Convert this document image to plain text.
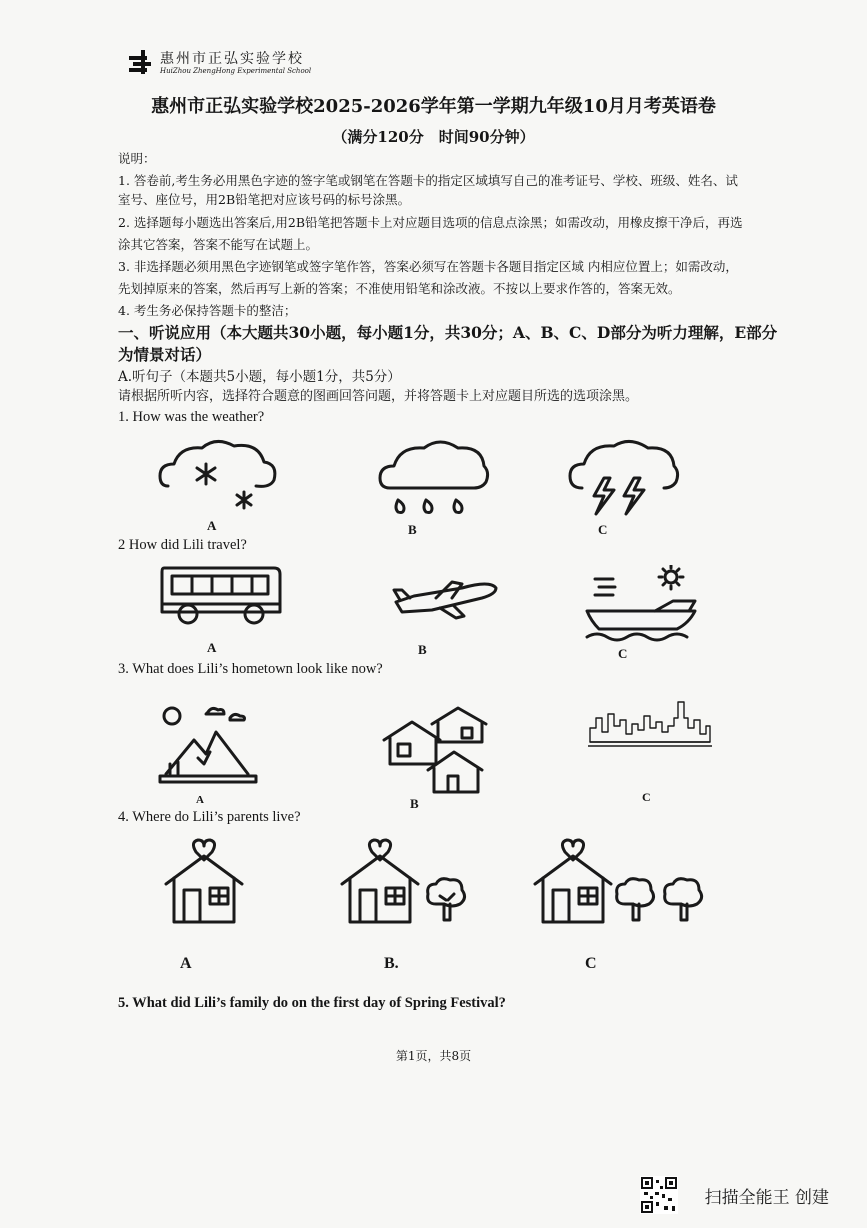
惠州市正弘实验学校
HuiZhou ZhengHong Experimental School
惠州市正弘实验学校2025-2026学年第一学期九年级10月月考英语卷
（满分120分　时间90分钟）
说明：
1. 答卷前,考生务必用黑色字迹的签字笔或钢笔在答题卡的指定区域填写自己的准考证号、学校、班级、姓名、试
室号、座位号，用2B铅笔把对应该号码的标号涂黑。
2. 选择题每小题选出答案后,用2B铅笔把答题卡上对应题目选项的信息点涂黑；如需改动，用橡皮擦干净后，再选
涂其它答案，答案不能写在试题上。
3. 非选择题必须用黑色字迹钢笔或签字笔作答，答案必须写在答题卡各题目指定区域 内相应位置上；如需改动，
先划掉原来的答案，然后再写上新的答案；不准使用铅笔和涂改液。不按以上要求作答的，答案无效。
4. 考生务必保持答题卡的整洁；
一、听说应用（本大题共30小题，每小题1分，共30分；A、B、C、D部分为听力理解，E部分
为情景对话）
A.听句子（本题共5小题，每小题1分，共5分）
请根据所听内容，选择符合题意的图画回答问题，并将答题卡上对应题目所选的选项涂黑。
1. How was the weather?
A	B	C
2 How did Lili travel?
A	B	C
3. What does Lili’s hometown look like now?
A	B	C
4. Where do Lili’s parents live?
A	B.	C
5. What did Lili’s family do on the first day of Spring Festival?
第1页，共8页
扫描全能王 创建
